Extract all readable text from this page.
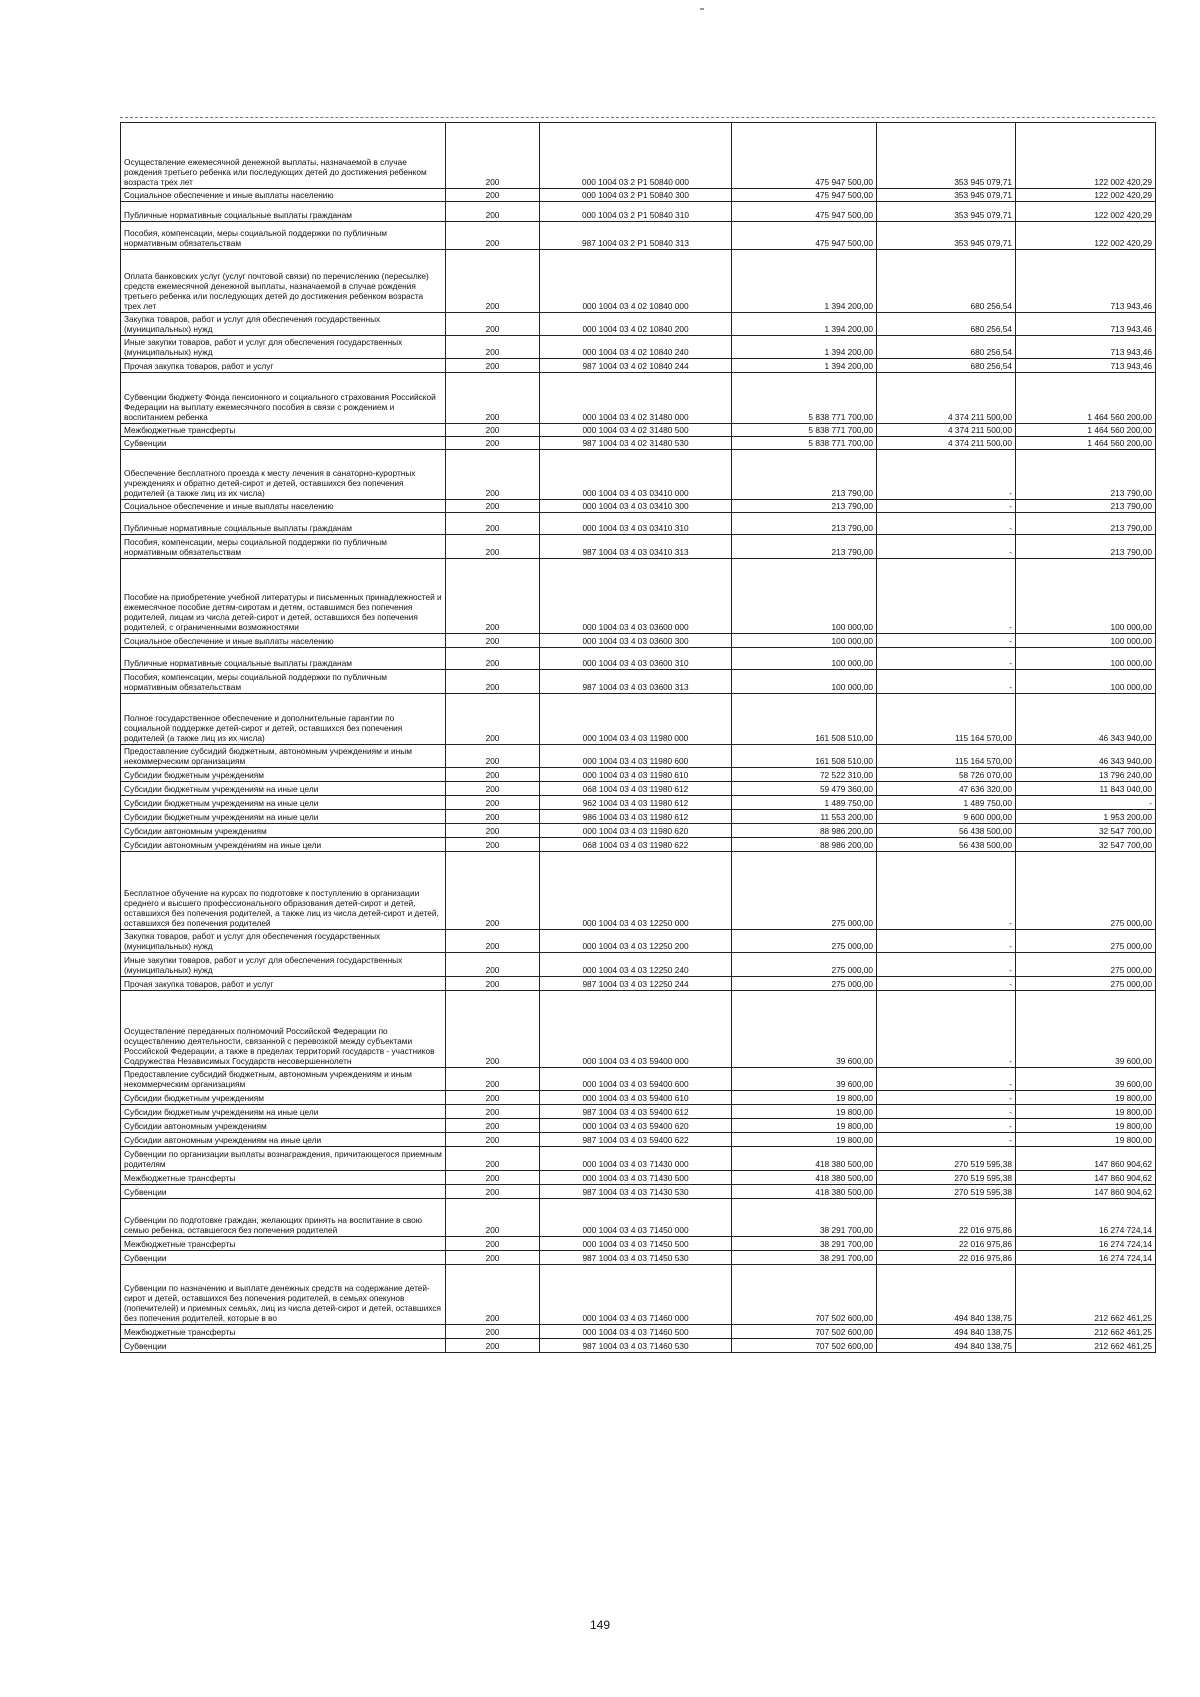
Осуществление ежемесячной денежной выплаты, назначаемой в случае рождения третьего ребенка или последующих детей до достижения ребенком возраста трех лет	200	000 1004 03 2 P1 50840 000	475 947 500,00	353 945 079,71	122 002 420,29
Социальное обеспечение и иные выплаты населению	200	000 1004 03 2 P1 50840 300	475 947 500,00	353 945 079,71	122 002 420,29
Публичные нормативные социальные выплаты гражданам	200	000 1004 03 2 P1 50840 310	475 947 500,00	353 945 079,71	122 002 420,29
Пособия, компенсации, меры социальной поддержки по публичным нормативным обязательствам	200	987 1004 03 2 P1 50840 313	475 947 500,00	353 945 079,71	122 002 420,29
Оплата банковских услуг (услуг почтовой связи) по перечислению (пересылке) средств ежемесячной денежной выплаты, назначаемой в случае рождения третьего ребенка или последующих детей до достижения ребенком возраста трех лет	200	000 1004 03 4 02 10840 000	1 394 200,00	680 256,54	713 943,46
Закупка товаров, работ и услуг для обеспечения государственных (муниципальных) нужд	200	000 1004 03 4 02 10840 200	1 394 200,00	680 256,54	713 943,46
Иные закупки товаров, работ и услуг для обеспечения государственных (муниципальных) нужд	200	000 1004 03 4 02 10840 240	1 394 200,00	680 256,54	713 943,46
Прочая закупка товаров, работ и услуг	200	987 1004 03 4 02 10840 244	1 394 200,00	680 256,54	713 943,46
Субвенции бюджету Фонда пенсионного и социального страхования Российской Федерации на выплату ежемесячного пособия в связи с рождением и воспитанием ребенка	200	000 1004 03 4 02 31480 000	5 838 771 700,00	4 374 211 500,00	1 464 560 200,00
Межбюджетные трансферты	200	000 1004 03 4 02 31480 500	5 838 771 700,00	4 374 211 500,00	1 464 560 200,00
Субвенции	200	987 1004 03 4 02 31480 530	5 838 771 700,00	4 374 211 500,00	1 464 560 200,00
Обеспечение бесплатного проезда к месту лечения в санаторно-курортных учреждениях и обратно детей-сирот и детей, оставшихся без попечения родителей (а также лиц из их числа)	200	000 1004 03 4 03 03410 000	213 790,00	-	213 790,00
Социальное обеспечение и иные выплаты населению	200	000 1004 03 4 03 03410 300	213 790,00	-	213 790,00
Публичные нормативные социальные выплаты гражданам	200	000 1004 03 4 03 03410 310	213 790,00	-	213 790,00
Пособия, компенсации, меры социальной поддержки по публичным нормативным обязательствам	200	987 1004 03 4 03 03410 313	213 790,00	-	213 790,00
Пособие на приобретение учебной литературы и письменных принадлежностей и ежемесячное пособие детям-сиротам и детям, оставшимся без попечения родителей, лицам из числа детей-сирот и детей, оставшихся без попечения родителей, с ограниченными возможностями	200	000 1004 03 4 03 03600 000	100 000,00	-	100 000,00
Социальное обеспечение и иные выплаты населению	200	000 1004 03 4 03 03600 300	100 000,00	-	100 000,00
Публичные нормативные социальные выплаты гражданам	200	000 1004 03 4 03 03600 310	100 000,00	-	100 000,00
Пособия, компенсации, меры социальной поддержки по публичным нормативным обязательствам	200	987 1004 03 4 03 03600 313	100 000,00	-	100 000,00
Полное государственное обеспечение и дополнительные гарантии по социальной поддержке детей-сирот и детей, оставшихся без попечения родителей (а также лиц из их числа)	200	000 1004 03 4 03 11980 000	161 508 510,00	115 164 570,00	46 343 940,00
Предоставление субсидий бюджетным, автономным учреждениям и иным некоммерческим организациям	200	000 1004 03 4 03 11980 600	161 508 510,00	115 164 570,00	46 343 940,00
Субсидии бюджетным учреждениям	200	000 1004 03 4 03 11980 610	72 522 310,00	58 726 070,00	13 796 240,00
Субсидии бюджетным учреждениям на иные цели	200	068 1004 03 4 03 11980 612	59 479 360,00	47 636 320,00	11 843 040,00
Субсидии бюджетным учреждениям на иные цели	200	962 1004 03 4 03 11980 612	1 489 750,00	1 489 750,00	-
Субсидии бюджетным учреждениям на иные цели	200	986 1004 03 4 03 11980 612	11 553 200,00	9 600 000,00	1 953 200,00
Субсидии автономным учреждениям	200	000 1004 03 4 03 11980 620	88 986 200,00	56 438 500,00	32 547 700,00
Субсидии автономным учреждениям на иные цели	200	068 1004 03 4 03 11980 622	88 986 200,00	56 438 500,00	32 547 700,00
Бесплатное обучение на курсах по подготовке к поступлению в организации среднего и высшего профессионального образования детей-сирот и детей, оставшихся без попечения родителей, а также лиц из числа детей-сирот и детей, оставшихся без попечения родителей	200	000 1004 03 4 03 12250 000	275 000,00	-	275 000,00
Закупка товаров, работ и услуг для обеспечения государственных (муниципальных) нужд	200	000 1004 03 4 03 12250 200	275 000,00	-	275 000,00
Иные закупки товаров, работ и услуг для обеспечения государственных (муниципальных) нужд	200	000 1004 03 4 03 12250 240	275 000,00	-	275 000,00
Прочая закупка товаров, работ и услуг	200	987 1004 03 4 03 12250 244	275 000,00	-	275 000,00
Осуществление переданных полномочий Российской Федерации по осуществлению деятельности, связанной с перевозкой между субъектами Российской Федерации, а также в пределах территорий государств - участников Содружества Независимых Государств несовершеннолетн	200	000 1004 03 4 03 59400 000	39 600,00	-	39 600,00
Предоставление субсидий бюджетным, автономным учреждениям и иным некоммерческим организациям	200	000 1004 03 4 03 59400 600	39 600,00	-	39 600,00
Субсидии бюджетным учреждениям	200	000 1004 03 4 03 59400 610	19 800,00	-	19 800,00
Субсидии бюджетным учреждениям на иные цели	200	987 1004 03 4 03 59400 612	19 800,00	-	19 800,00
Субсидии автономным учреждениям	200	000 1004 03 4 03 59400 620	19 800,00	-	19 800,00
Субсидии автономным учреждениям на иные цели	200	987 1004 03 4 03 59400 622	19 800,00	-	19 800,00
Субвенции по организации выплаты вознаграждения, причитающегося приемным родителям	200	000 1004 03 4 03 71430 000	418 380 500,00	270 519 595,38	147 860 904,62
Межбюджетные трансферты	200	000 1004 03 4 03 71430 500	418 380 500,00	270 519 595,38	147 860 904,62
Субвенции	200	987 1004 03 4 03 71430 530	418 380 500,00	270 519 595,38	147 860 904,62
Субвенции по подготовке граждан, желающих принять на воспитание в свою семью ребенка, оставшегося без попечения родителей	200	000 1004 03 4 03 71450 000	38 291 700,00	22 016 975,86	16 274 724,14
Межбюджетные трансферты	200	000 1004 03 4 03 71450 500	38 291 700,00	22 016 975,86	16 274 724,14
Субвенции	200	987 1004 03 4 03 71450 530	38 291 700,00	22 016 975,86	16 274 724,14
Субвенции по назначению и выплате денежных средств на содержание детей-сирот и детей, оставшихся без попечения родителей, в семьях опекунов (попечителей) и приемных семьях, лиц из числа детей-сирот и детей, оставшихся без попечения родителей, которые в во	200	000 1004 03 4 03 71460 000	707 502 600,00	494 840 138,75	212 662 461,25
Межбюджетные трансферты	200	000 1004 03 4 03 71460 500	707 502 600,00	494 840 138,75	212 662 461,25
Субвенции	200	987 1004 03 4 03 71460 530	707 502 600,00	494 840 138,75	212 662 461,25
149
